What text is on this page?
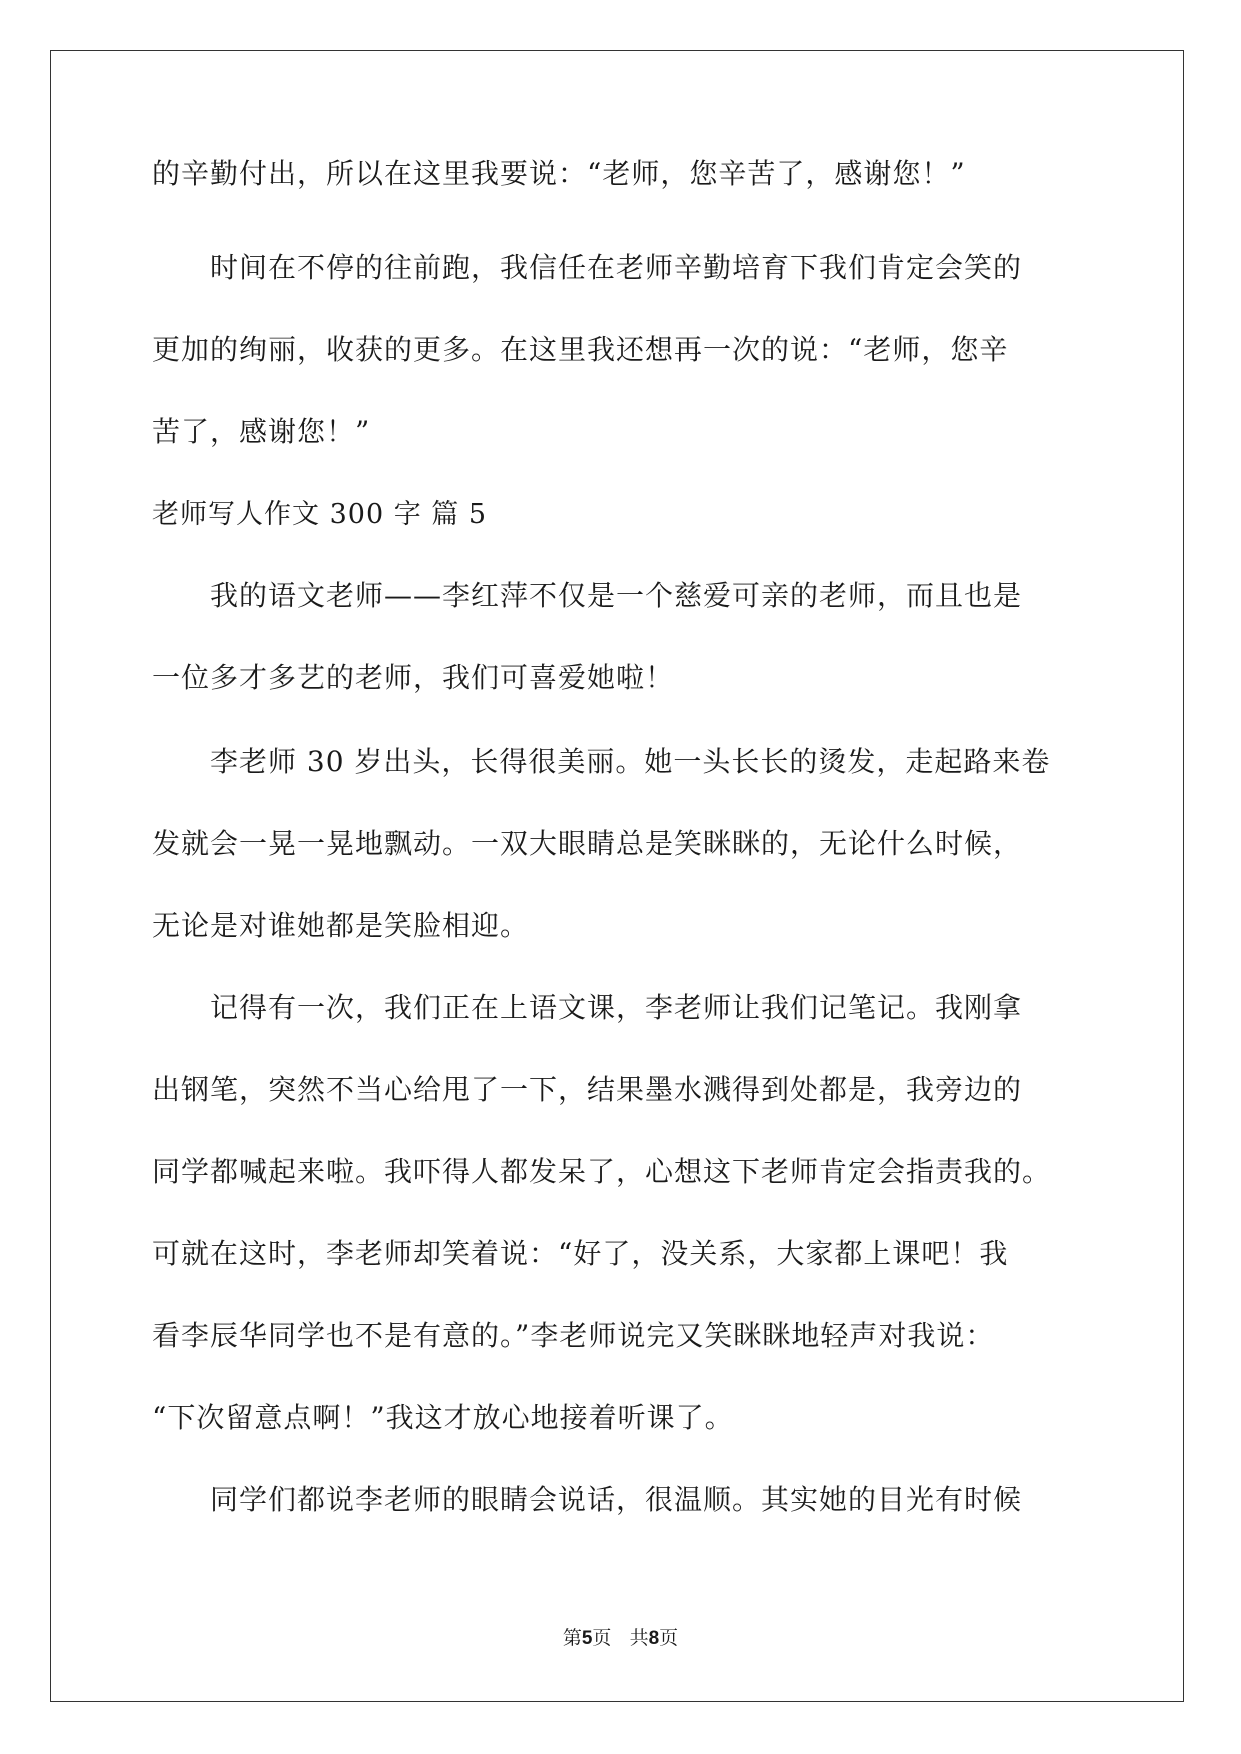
的辛勤付出，所以在这里我要说：“老师，您辛苦了，感谢您！”
　　时间在不停的往前跑，我信任在老师辛勤培育下我们肯定会笑的
更加的绚丽，收获的更多。在这里我还想再一次的说：“老师，您辛
苦了，感谢您！”
老师写人作文 300 字 篇 5
　　我的语文老师——李红萍不仅是一个慈爱可亲的老师，而且也是
一位多才多艺的老师，我们可喜爱她啦！
　　李老师 30 岁出头，长得很美丽。她一头长长的烫发，走起路来卷
发就会一晃一晃地飘动。一双大眼睛总是笑眯眯的，无论什么时候，
无论是对谁她都是笑脸相迎。
　　记得有一次，我们正在上语文课，李老师让我们记笔记。我刚拿
出钢笔，突然不当心给甩了一下，结果墨水溅得到处都是，我旁边的
同学都喊起来啦。我吓得人都发呆了，心想这下老师肯定会指责我的。
可就在这时，李老师却笑着说：“好了，没关系，大家都上课吧！我
看李辰华同学也不是有意的。”李老师说完又笑眯眯地轻声对我说：
“下次留意点啊！”我这才放心地接着听课了。
　　同学们都说李老师的眼睛会说话，很温顺。其实她的目光有时候
第5页 共8页
